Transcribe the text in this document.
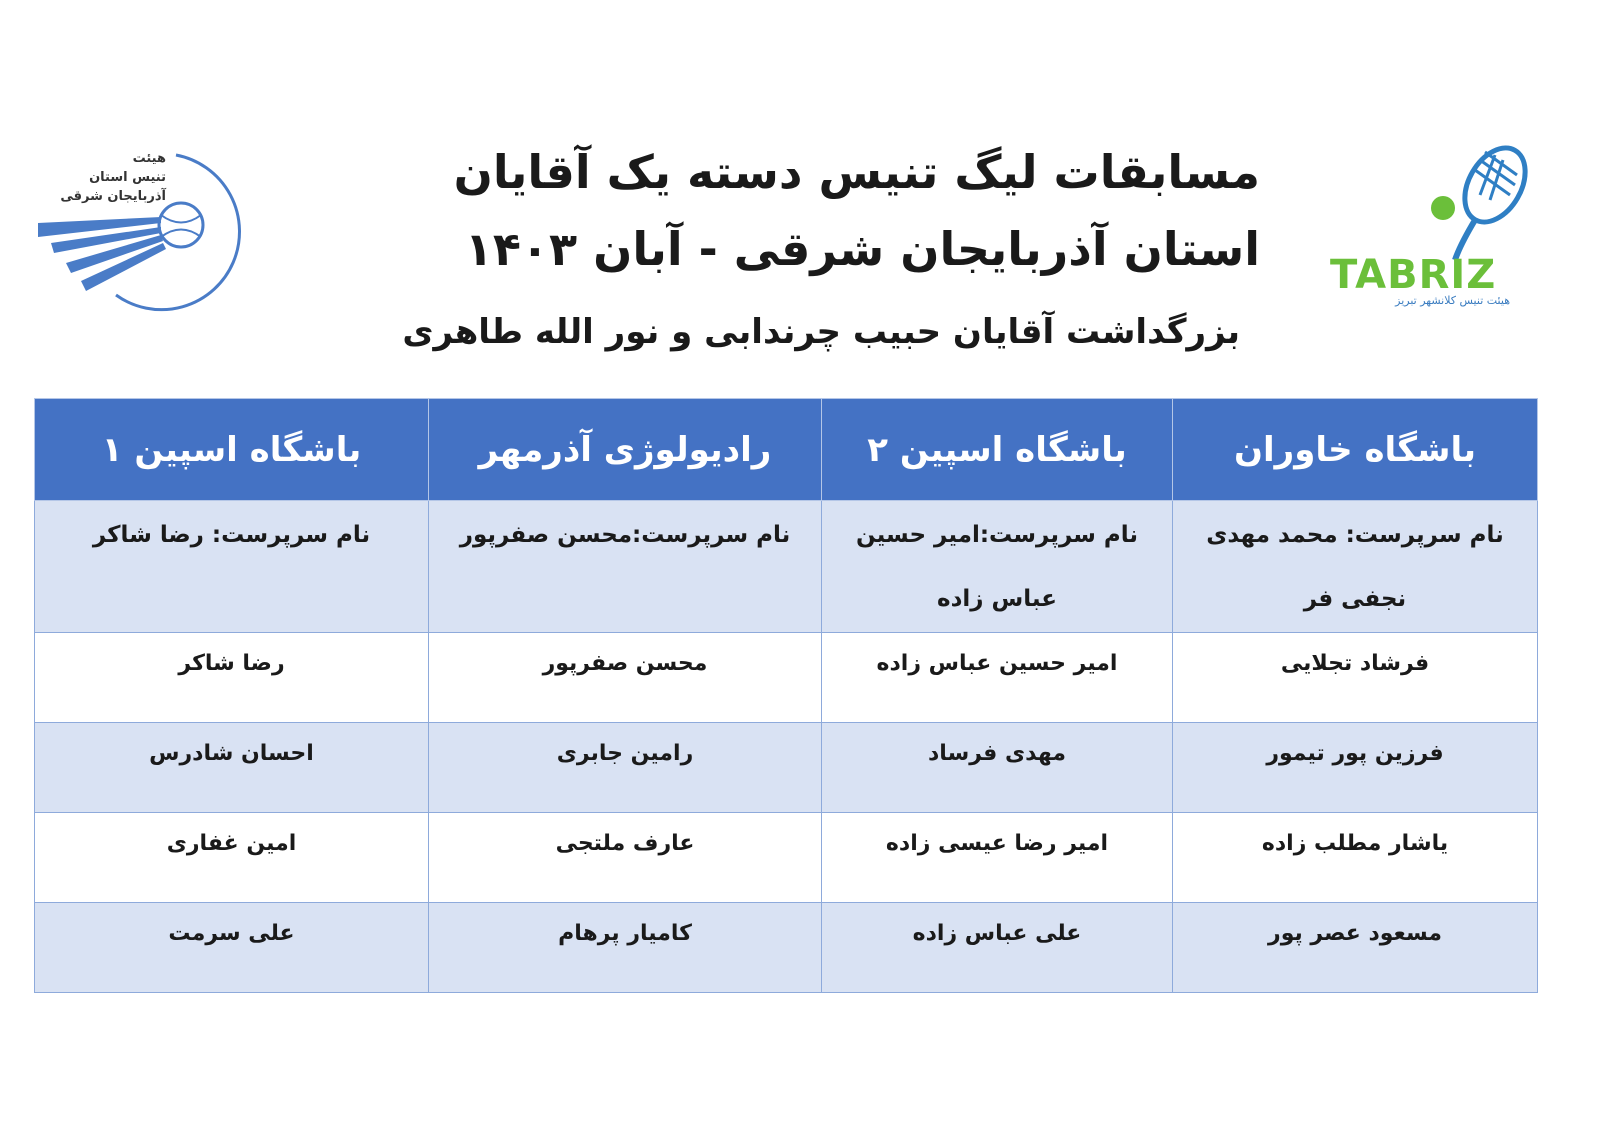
هیئت
تنیس استان
آذربایجان شرقی
TABRIZ
هیئت تنیس کلانشهر تبریز
مسابقات لیگ تنیس دسته یک آقایان
استان آذربایجان شرقی - آبان ۱۴۰۳
بزرگداشت آقایان حبیب چرندابی و نور الله طاهری
باشگاه خاوران	باشگاه اسپین ۲	رادیولوژی آذرمهر	باشگاه اسپین ۱
نام سرپرست: محمد مهدی نجفی فر	نام سرپرست:امیر حسین عباس زاده	نام سرپرست:محسن صفرپور	نام سرپرست: رضا شاکر
فرشاد تجلایی	امیر حسین عباس زاده	محسن صفرپور	رضا شاکر
فرزین پور تیمور	مهدی فرساد	رامین جابری	احسان شادرس
یاشار مطلب زاده	امیر رضا عیسی زاده	عارف ملتجی	امین غفاری
مسعود عصر پور	علی عباس زاده	کامیار پرهام	علی سرمت
